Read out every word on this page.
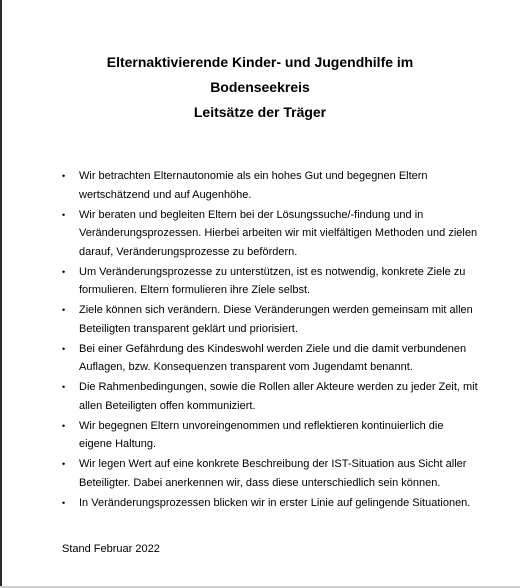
Elternaktivierende Kinder- und Jugendhilfe im
Bodenseekreis
Leitsätze der Träger
• Wir betrachten Elternautonomie als ein hohes Gut und begegnen Eltern wertschätzend und auf Augenhöhe.
• Wir beraten und begleiten Eltern bei der Lösungssuche/-findung und in Veränderungsprozessen. Hierbei arbeiten wir mit vielfältigen Methoden und zielen darauf, Veränderungsprozesse zu befördern.
• Um Veränderungsprozesse zu unterstützen, ist es notwendig, konkrete Ziele zu formulieren. Eltern formulieren ihre Ziele selbst.
• Ziele können sich verändern. Diese Veränderungen werden gemeinsam mit allen Beteiligten transparent geklärt und priorisiert.
• Bei einer Gefährdung des Kindeswohl werden Ziele und die damit verbundenen Auflagen, bzw. Konsequenzen transparent vom Jugendamt benannt.
• Die Rahmenbedingungen, sowie die Rollen aller Akteure werden zu jeder Zeit, mit allen Beteiligten offen kommuniziert.
• Wir begegnen Eltern unvoreingenommen und reflektieren kontinuierlich die eigene Haltung.
• Wir legen Wert auf eine konkrete Beschreibung der IST-Situation aus Sicht aller Beteiligter. Dabei anerkennen wir, dass diese unterschiedlich sein können.
• In Veränderungsprozessen blicken wir in erster Linie auf gelingende Situationen.
Stand Februar 2022
